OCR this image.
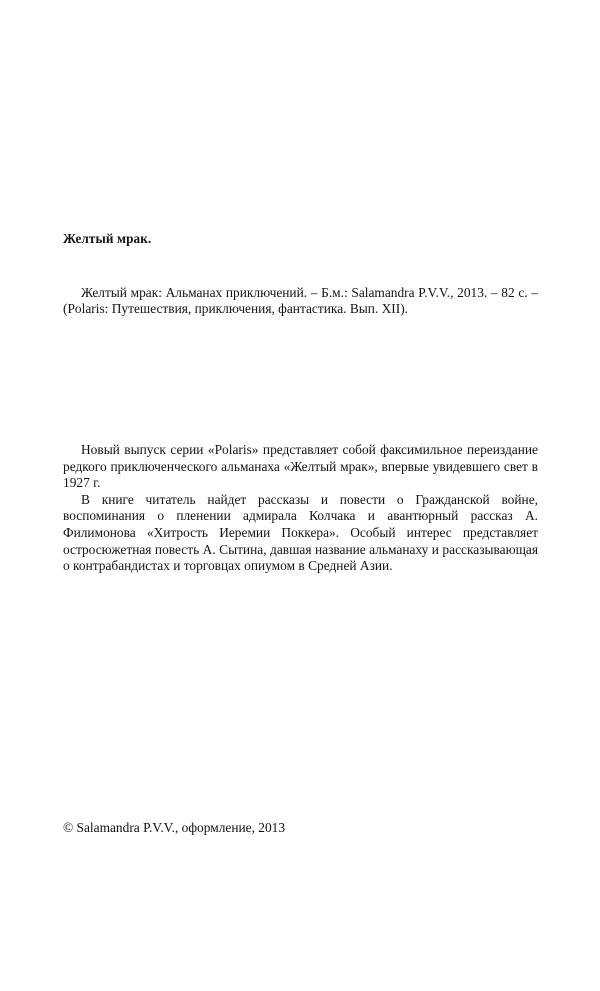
Желтый мрак.
Желтый мрак: Альманах приключений. – Б.м.: Salamandra P.V.V., 2013. – 82 с. – (Polaris: Путешествия, приключения, фантастика. Вып. XII).

Новый выпуск серии «Polaris» представляет собой факсимильное переиздание редкого приключенческого альманаха «Желтый мрак», впервые увидевшего свет в 1927 г.

В книге читатель найдет рассказы и повести о Гражданской войне, воспоминания о пленении адмирала Колчака и авантюрный рассказ А. Филимонова «Хитрость Иеремии Поккера». Особый интерес представляет остросюжетная повесть А. Сытина, давшая название альманаху и рассказывающая о контрабандистах и торговцах опиумом в Средней Азии.

© Salamandra P.V.V., оформление, 2013
